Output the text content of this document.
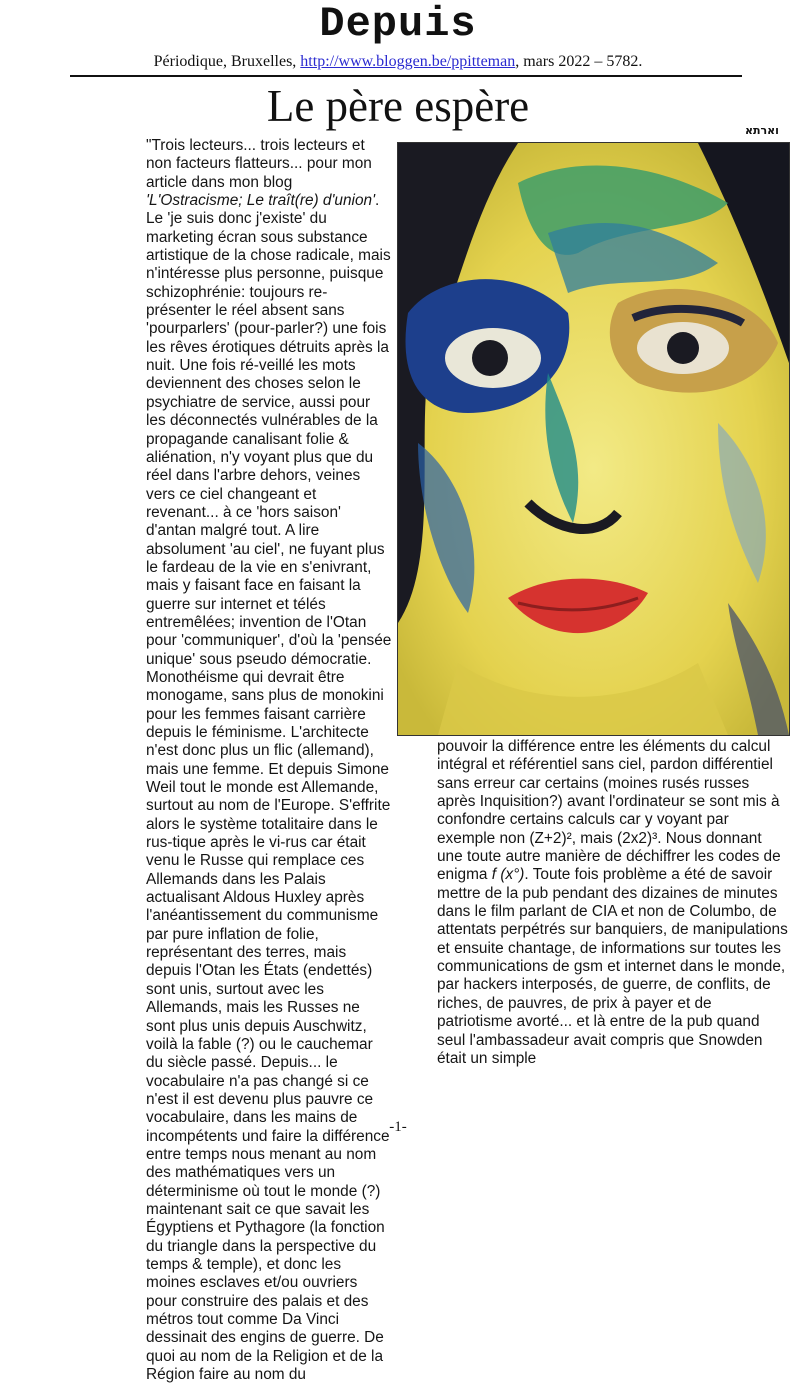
Depuis
Périodique, Bruxelles, http://www.bloggen.be/ppitteman, mars 2022 – 5782.
Le père espère	וארתא

"Trois lecteurs... trois lecteurs et non facteurs flatteurs... pour mon article dans mon blog 'L'Ostracisme; Le traît(re) d'union'. Le 'je suis donc j'existe' du marketing écran sous substance artistique de la chose radicale, mais n'intéresse plus personne, puisque schizophrénie: toujours re-présenter le réel absent sans 'pourparlers' (pour-parler?) une fois les rêves érotiques détruits après la nuit. Une fois ré-veillé les mots deviennent des choses selon le psychiatre de service, aussi pour les déconnectés vulnérables de la propagande canalisant folie & aliénation, n'y voyant plus que du réel dans l'arbre dehors, veines vers ce ciel changeant et revenant... à ce 'hors saison' d'antan malgré tout. A lire absolument 'au ciel', ne fuyant plus le fardeau de la vie en s'enivrant, mais y faisant face en faisant la guerre sur internet et télés entremêlées; invention de l'Otan pour 'communiquer', d'où la 'pensée unique' sous pseudo démocratie. Monothéisme qui devrait être monogame, sans plus de monokini pour les femmes faisant carrière depuis le féminisme. L'architecte n'est donc plus un flic (allemand), mais une femme. Et depuis Simone Weil tout le monde est Allemande, surtout au nom de l'Europe. S'effrite alors le système totalitaire dans le rus-tique après le vi-rus car était venu le Russe qui remplace ces Allemands dans les Palais actualisant Aldous Huxley après l'anéantissement du communisme par pure inflation de folie, représentant des terres, mais depuis l'Otan les États (endettés) sont unis, surtout avec les Allemands, mais les Russes ne sont plus unis depuis Auschwitz, voilà la fable (?) ou le cauchemar du siècle passé. Depuis... le vocabulaire n'a pas changé si ce n'est il est devenu plus pauvre ce vocabulaire, dans les mains de incompétents und faire la différence entre temps nous menant au nom des mathématiques vers un déterminisme où tout le monde (?) maintenant sait ce que savait les Égyptiens et Pythagore (la fonction du triangle dans la perspective du temps & temple), et donc les moines esclaves et/ou ouvriers pour construire des palais et des métros tout comme Da Vinci dessinait des engins de guerre. De quoi au nom de la Religion et de la Région faire au nom du

pouvoir la différence entre les éléments du calcul intégral et référentiel sans ciel, pardon différentiel sans erreur car certains (moines rusés russes après Inquisition?) avant l'ordinateur se sont mis à confondre certains calculs car y voyant par exemple non (Z+2)², mais (2x2)³. Nous donnant une toute autre manière de déchiffrer les codes de enigma f (x°). Toute fois problème a été de savoir mettre de la pub pendant des dizaines de minutes dans le film parlant de CIA et non de Columbo, de attentats perpétrés sur banquiers, de manipulations et ensuite chantage, de informations sur toutes les communications de gsm et internet dans le monde, par hackers interposés, de guerre, de conflits, de riches, de pauvres, de prix à payer et de patriotisme avorté... et là entre de la pub quand seul l'ambassadeur avait compris que Snowden était un simple

-1-
